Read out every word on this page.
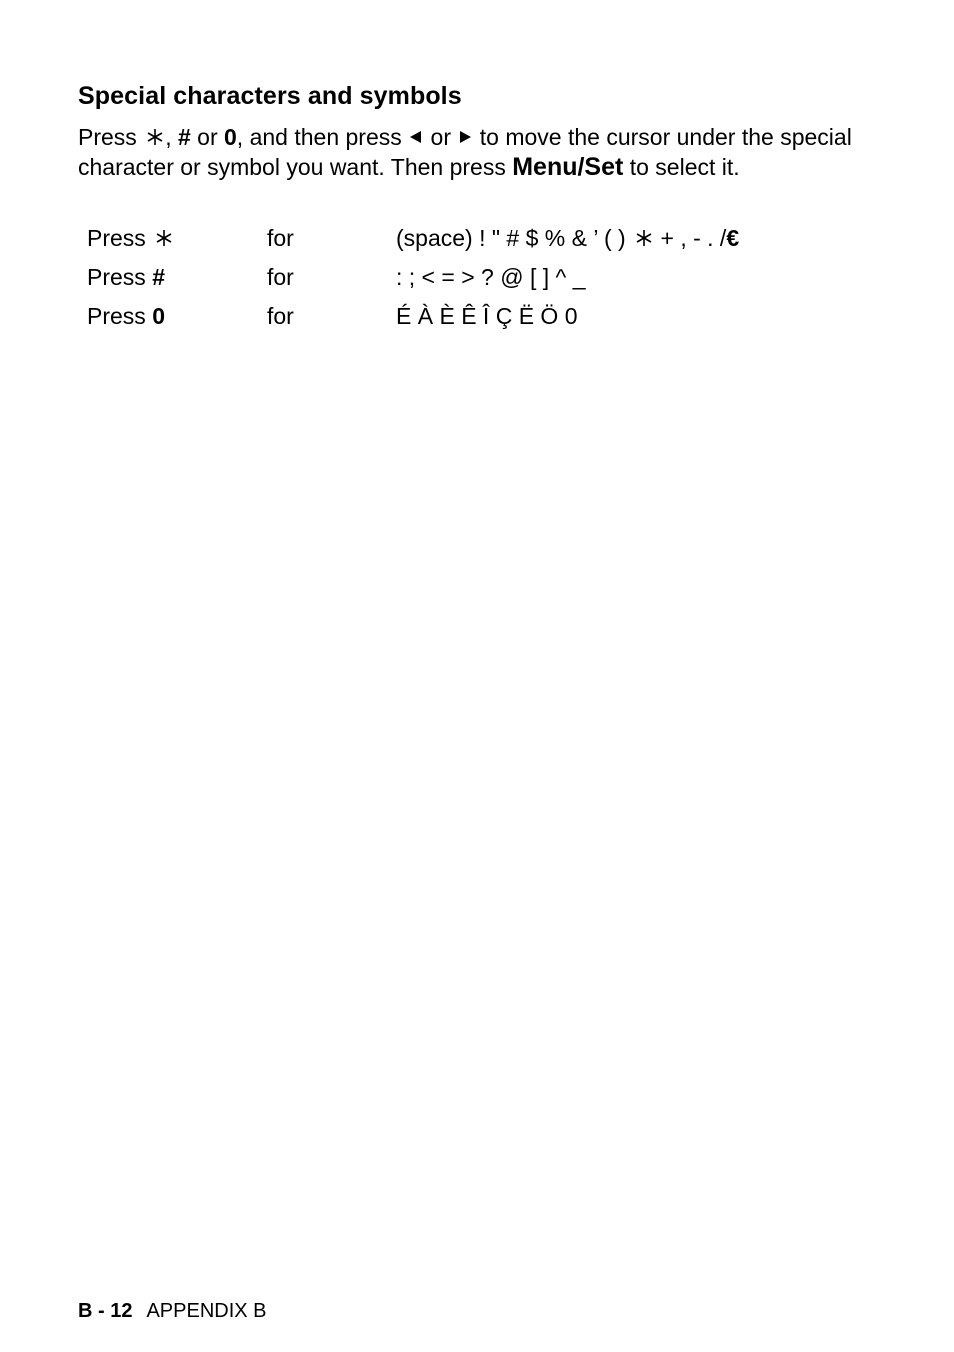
Special characters and symbols

Press , # or 0, and then press or to move the cursor under the special character or symbol you want. Then press Menu/Set to select it.

Press	for	(space) ! " # $ % & ’ ( ) + , - . /€
Press #	for	: ; < = > ? @ [ ] ^ _
Press 0	for	É À È Ê Î Ç Ë Ö 0
B - 12 APPENDIX B
